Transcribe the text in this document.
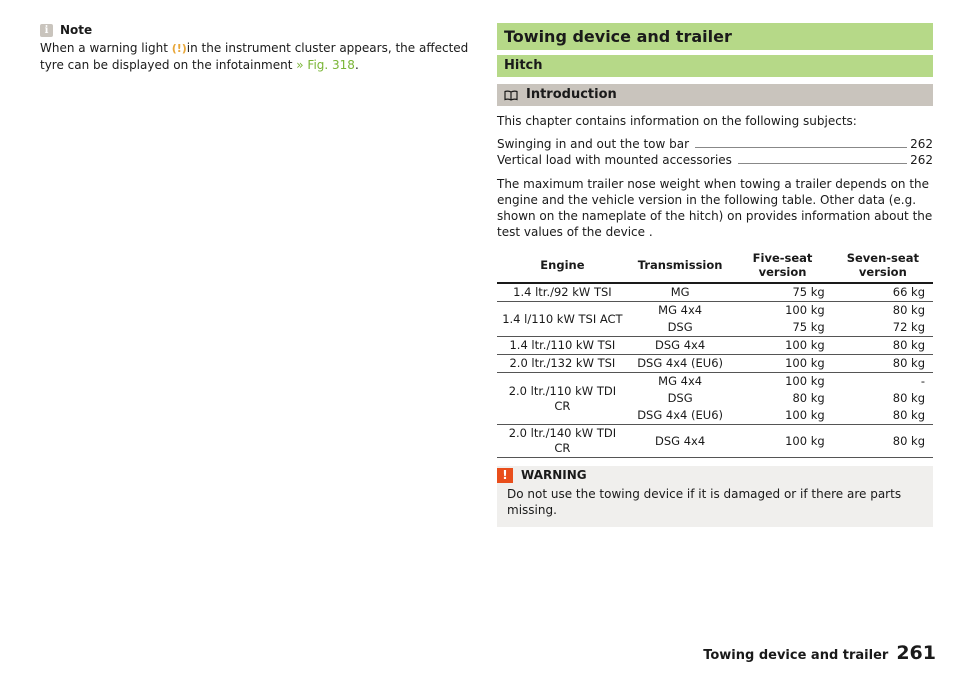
i Note
When a warning light (!)in the instrument cluster appears, the affected tyre can be displayed on the infotainment » Fig. 318.
Towing device and trailer
Hitch
Introduction

This chapter contains information on the following subjects:

Swinging in and out the tow bar	262
Vertical load with mounted accessories	262

The maximum trailer nose weight when towing a trailer depends on the engine and the vehicle version in the following table. Other data (e.g. shown on the nameplate of the hitch) on provides information about the test values of the device .

Engine	Transmission	Five-seat version	Seven-seat version
1.4 ltr./92 kW TSI	MG	75 kg	66 kg
1.4 l/110 kW TSI ACT	MG 4x4	100 kg	80 kg
	DSG	75 kg	72 kg
1.4 ltr./110 kW TSI	DSG 4x4	100 kg	80 kg
2.0 ltr./132 kW TSI	DSG 4x4 (EU6)	100 kg	80 kg
2.0 ltr./110 kW TDI CR	MG 4x4	100 kg	-
	DSG	80 kg	80 kg
	DSG 4x4 (EU6)	100 kg	80 kg
2.0 ltr./140 kW TDI CR	DSG 4x4	100 kg	80 kg
!	WARNING
Do not use the towing device if it is damaged or if there are parts missing.
Towing device and trailer 261
